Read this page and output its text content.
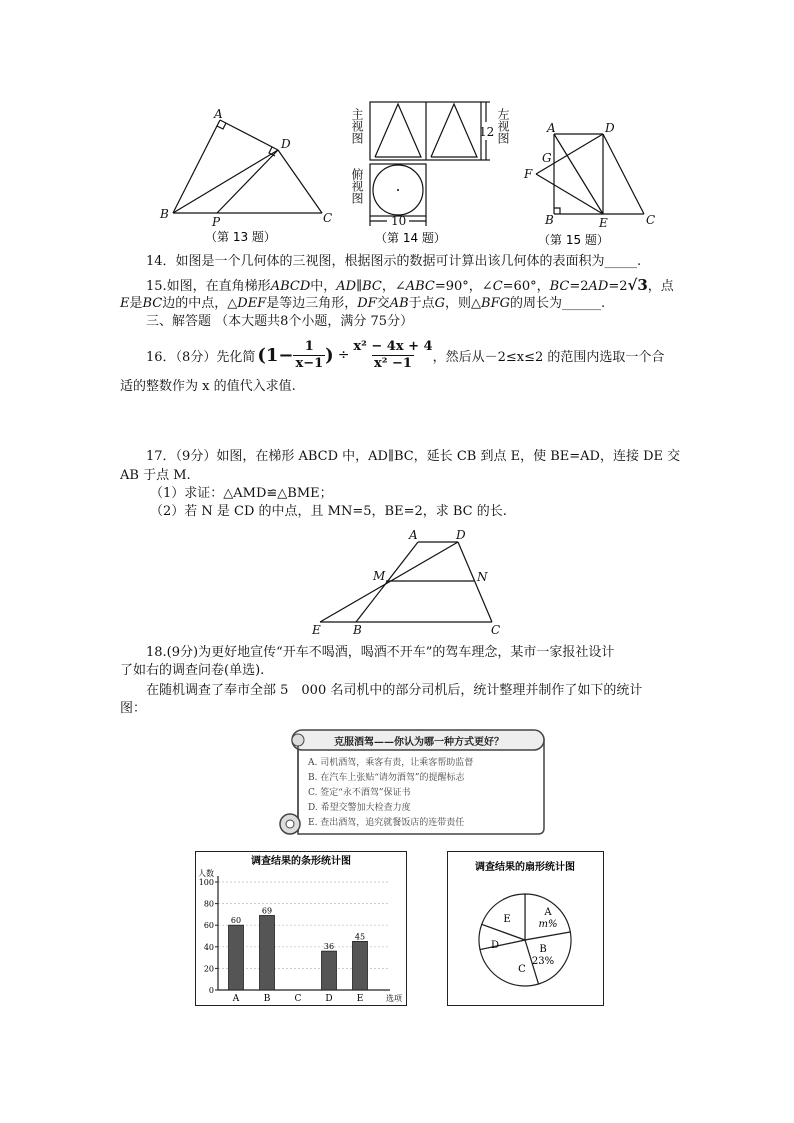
A
D
B
P	C
（第 13 题）
主视图	左视图
俯视图
12
10
（第 14 题）
A	D
G
F
B	E	C
（第 15 题）
14．如图是一个几何体的三视图，根据图示的数据可计算出该几何体的表面积为_____.
15.如图，在直角梯形ABCD中，AD∥BC，∠ABC=90°，∠C=60°，BC=2AD=2√3，点
E是BC边的中点，△DEF是等边三角形，DF交AB于点G，则△BFG的周长为______.
三、解答题 （本大题共8个小题，满分 75分）
16．（8分）先化简 ($1- \frac{1}{x-1}$ ) ÷ $\frac{\text{x² − 4x + 4}}{\text{x² −1}}$ ，然后从－2≤x≤2 的范围内选取一个合
适的整数作为 x 的值代入求值.
17．（9分）如图，在梯形 ABCD 中，AD∥BC，延长 CB 到点 E，使 BE=AD，连接 DE 交
AB 于点 M.
（1）求证：△AMD≌△BME；
（2）若 N 是 CD 的中点，且 MN=5，BE=2，求 BC 的长.
A	D
M	N
E	B	C
18.(9分)为更好地宣传“开车不喝酒，喝酒不开车”的驾车理念，某市一家报社设计
了如右的调查问卷(单选).
在随机调查了奉市全部 5　000 名司机中的部分司机后，统计整理并制作了如下的统计
图：
克服酒驾——你认为哪一种方式更好？
A. 司机酒驾，乘客有责，让乘客帮助监督
B. 在汽车上张贴“请勿酒驾”的提醒标志
C. 签定“永不酒驾”保证书
D. 希望交警加大检查力度
E. 查出酒驾，追究就餐饭店的连带责任
调查结果的条形统计图
人数
0
20
40
60
80
100
60
A
69
B	C
36
D
45
E	选项
调查结果的扇形统计图
A
m%
B
23%
C
D
E
